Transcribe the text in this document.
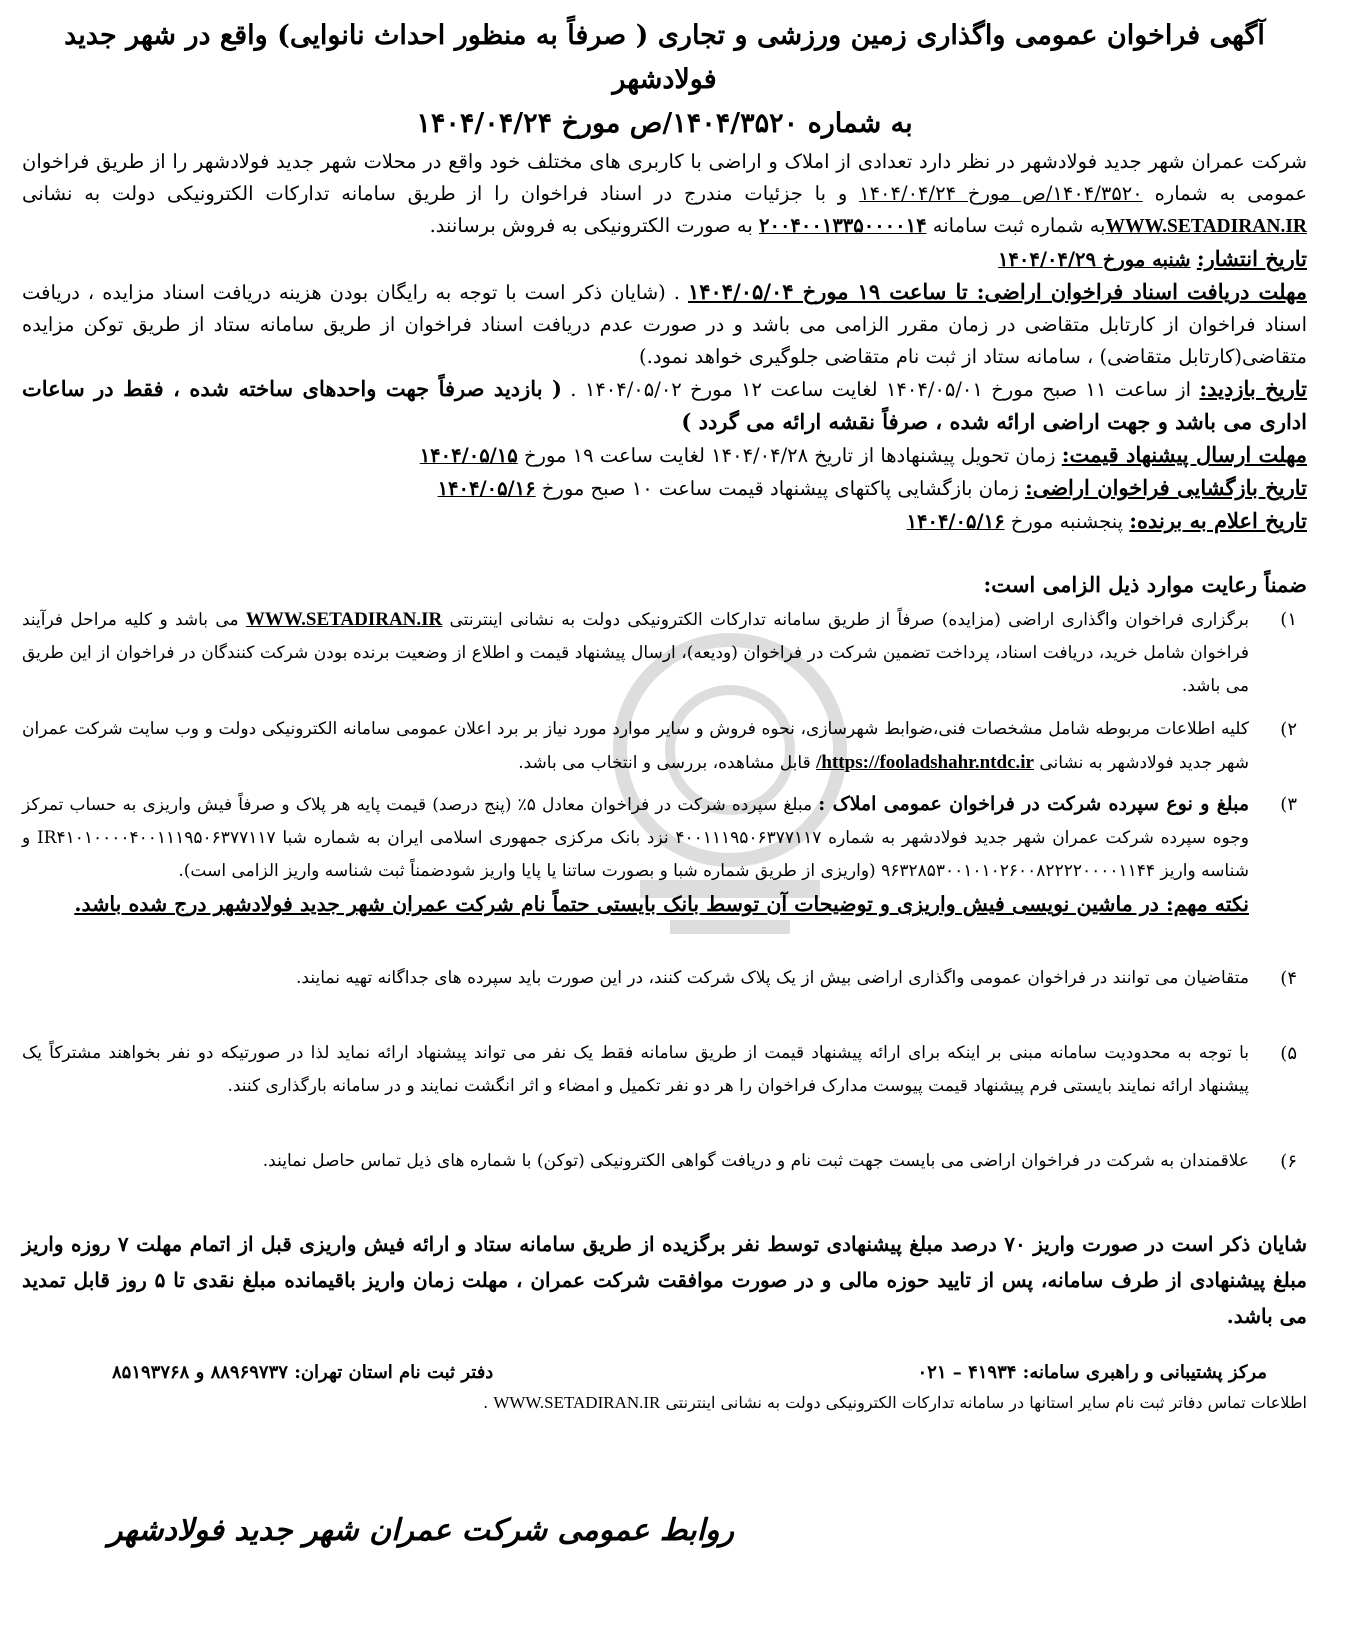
آگهی فراخوان عمومی واگذاری زمین ورزشی و تجاری ( صرفاً به منظور احداث نانوایی) واقع در شهر جدید فولادشهر
به شماره ۱۴۰۴/۳۵۲۰/ص مورخ ۱۴۰۴/۰۴/۲۴

شرکت عمران شهر جدید فولادشهر در نظر دارد تعدادی از املاک و اراضی با کاربری های مختلف خود واقع در محلات شهر جدید فولادشهر را از طریق فراخوان عمومی به شماره ۱۴۰۴/۳۵۲۰/ص مورخ ۱۴۰۴/۰۴/۲۴ و با جزئیات مندرج در اسناد فراخوان را از طریق سامانه تدارکات الکترونیکی دولت به نشانی WWW.SETADIRAN.IRبه شماره ثبت سامانه ۲۰۰۴۰۰۱۳۳۵۰۰۰۰۱۴ به صورت الکترونیکی به فروش برسانند.

تاریخ انتشار: شنبه مورخ ۱۴۰۴/۰۴/۲۹

مهلت دریافت اسناد فراخوان اراضی: تا ساعت ۱۹ مورخ ۱۴۰۴/۰۵/۰۴ . (شایان ذکر است با توجه به رایگان بودن هزینه دریافت اسناد مزایده ، دریافت اسناد فراخوان از کارتابل متقاضی در زمان مقرر الزامی می باشد و در صورت عدم دریافت اسناد فراخوان از طریق سامانه ستاد از طریق توکن مزایده متقاضی(کارتابل متقاضی) ، سامانه ستاد از ثبت نام متقاضی جلوگیری خواهد نمود.)

تاریخ بازدید: از ساعت ۱۱ صبح مورخ ۱۴۰۴/۰۵/۰۱ لغایت ساعت ۱۲ مورخ ۱۴۰۴/۰۵/۰۲ . ( بازدید صرفاً جهت واحدهای ساخته شده ، فقط در ساعات اداری می باشد و جهت اراضی ارائه شده ، صرفاً نقشه ارائه می گردد )

مهلت ارسال پیشنهاد قیمت: زمان تحویل پیشنهادها از تاریخ ۱۴۰۴/۰۴/۲۸ لغایت ساعت ۱۹ مورخ ۱۴۰۴/۰۵/۱۵

تاریخ بازگشایی فراخوان اراضی: زمان بازگشایی پاکتهای پیشنهاد قیمت ساعت ۱۰ صبح مورخ ۱۴۰۴/۰۵/۱۶

تاریخ اعلام به برنده: پنجشنبه مورخ ۱۴۰۴/۰۵/۱۶

ضمناً رعایت موارد ذیل الزامی است:
۱)
برگزاری فراخوان واگذاری اراضی (مزایده) صرفاً از طریق سامانه تدارکات الکترونیکی دولت به نشانی اینترنتی WWW.SETADIRAN.IR می باشد و کلیه مراحل فرآیند فراخوان شامل خرید، دریافت اسناد، پرداخت تضمین شرکت در فراخوان (ودیعه)، ارسال پیشنهاد قیمت و اطلاع از وضعیت برنده بودن شرکت کنندگان در فراخوان از این طریق می باشد.
۲)
کلیه اطلاعات مربوطه شامل مشخصات فنی،ضوابط شهرسازی، نحوه فروش و سایر موارد مورد نیاز بر برد اعلان عمومی سامانه الکترونیکی دولت و وب سایت شرکت عمران شهر جدید فولادشهر به نشانی https://fooladshahr.ntdc.ir/ قابل مشاهده، بررسی و انتخاب می باشد.
۳)
مبلغ و نوع سپرده شرکت در فراخوان عمومی املاک : مبلغ سپرده شرکت در فراخوان معادل ۵٪ (پنج درصد) قیمت پایه هر پلاک و صرفاً فیش واریزی به حساب تمرکز وجوه سپرده شرکت عمران شهر جدید فولادشهر به شماره ۴۰۰۱۱۱۹۵۰۶۳۷۷۱۱۷ نزد بانک مرکزی جمهوری اسلامی ایران به شماره شبا IR۴۱۰۱۰۰۰۰۴۰۰۱۱۱۹۵۰۶۳۷۷۱۱۷ و شناسه واریز ۹۶۳۲۸۵۳۰۰۱۰۱۰۲۶۰۰۸۲۲۲۲۰۰۰۰۱۱۴۴ (واریزی از طریق شماره شبا و بصورت ساتنا یا پایا واریز شودضمناً ثبت شناسه واریز الزامی است).

نکته مهم: در ماشین نویسی فیش واریزی و توضیحات آن توسط بانک بایستی حتماً نام شرکت عمران شهر جدید فولادشهر درج شده باشد.

۴)
متقاضیان می توانند در فراخوان عمومی واگذاری اراضی بیش از یک پلاک شرکت کنند، در این صورت باید سپرده های جداگانه تهیه نمایند.
۵)
با توجه به محدودیت سامانه مبنی بر اینکه برای ارائه پیشنهاد قیمت از طریق سامانه فقط یک نفر می تواند پیشنهاد ارائه نماید لذا در صورتیکه دو نفر بخواهند مشترکاً یک پیشنهاد ارائه نمایند بایستی فرم پیشنهاد قیمت پیوست مدارک فراخوان را هر دو نفر تکمیل و امضاء و اثر انگشت نمایند و در سامانه بارگذاری کنند.
۶)
علاقمندان به شرکت در فراخوان اراضی می بایست جهت ثبت نام و دریافت گواهی الکترونیکی (توکن) با شماره های ذیل تماس حاصل نمایند.

شایان ذکر است در صورت واریز ۷۰ درصد مبلغ پیشنهادی توسط نفر برگزیده از طریق سامانه ستاد و ارائه فیش واریزی قبل از اتمام مهلت ۷ روزه واریز مبلغ پیشنهادی از طرف سامانه، پس از تایید حوزه مالی و در صورت موافقت شرکت عمران ، مهلت زمان واریز باقیمانده مبلغ نقدی تا ۵ روز قابل تمدید می باشد.

مرکز پشتیبانی و راهبری سامانه: ۴۱۹۳۴ – ۰۲۱
دفتر ثبت نام استان تهران: ۸۸۹۶۹۷۳۷ و ۸۵۱۹۳۷۶۸

اطلاعات تماس دفاتر ثبت نام سایر استانها در سامانه تدارکات الکترونیکی دولت به نشانی اینترنتی WWW.SETADIRAN.IR .

روابط عمومی شرکت عمران شهر جدید فولادشهر
